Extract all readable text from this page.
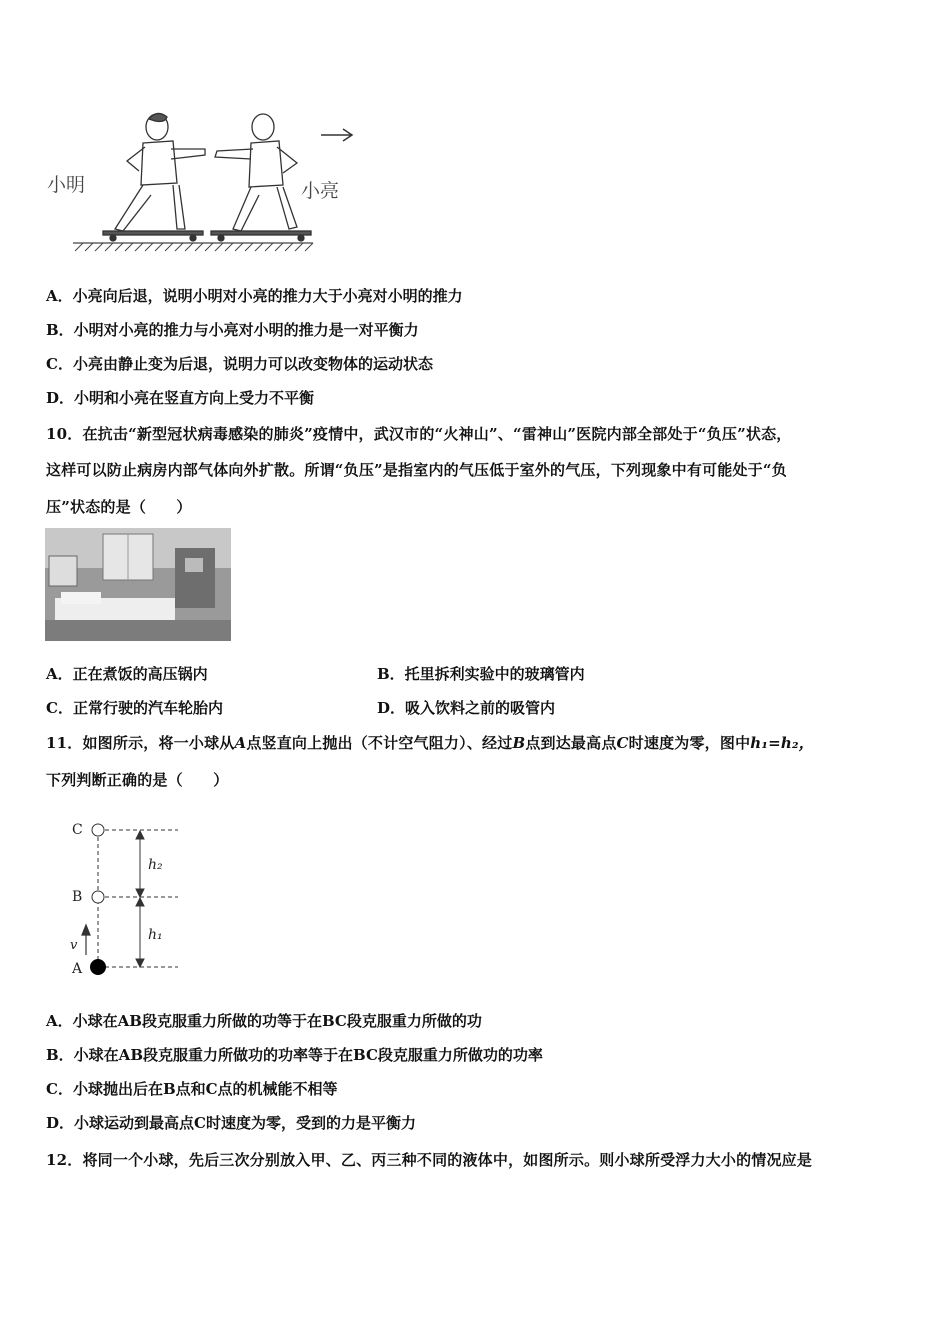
小明	小亮
A．小亮向后退，说明小明对小亮的推力大于小亮对小明的推力
B．小明对小亮的推力与小亮对小明的推力是一对平衡力
C．小亮由静止变为后退，说明力可以改变物体的运动状态
D．小明和小亮在竖直方向上受力不平衡
10．在抗击“新型冠状病毒感染的肺炎”疫情中，武汉市的“火神山”、“雷神山”医院内部全部处于“负压”状态，
这样可以防止病房内部气体向外扩散。所谓“负压”是指室内的气压低于室外的气压，下列现象中有可能处于“负
压”状态的是（　　）
A．正在煮饭的高压锅内	B．托里拆利实验中的玻璃管内
C．正常行驶的汽车轮胎内	D．吸入饮料之前的吸管内
11．如图所示，将一小球从A点竖直向上抛出（不计空气阻力）、经过B点到达最高点C时速度为零，图中h₁=h₂，
下列判断正确的是（　　）
C
B
A
v
h₂
h₁
A．小球在AB段克服重力所做的功等于在BC段克服重力所做的功
B．小球在AB段克服重力所做功的功率等于在BC段克服重力所做功的功率
C．小球抛出后在B点和C点的机械能不相等
D．小球运动到最高点C时速度为零，受到的力是平衡力
12．将同一个小球，先后三次分别放入甲、乙、丙三种不同的液体中，如图所示。则小球所受浮力大小的情况应是
